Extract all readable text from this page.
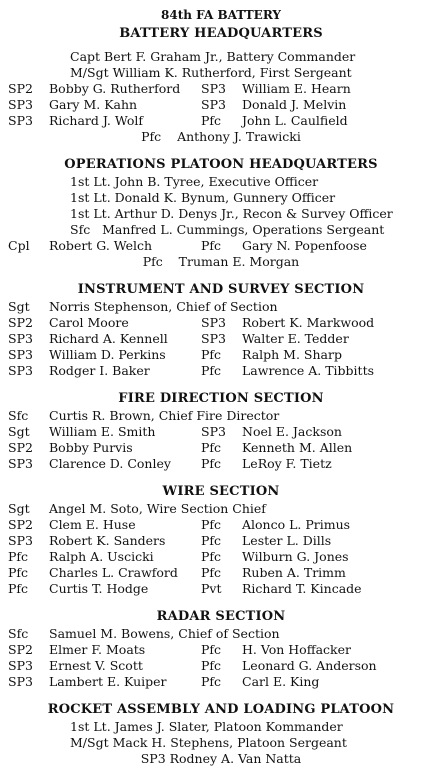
84th FA BATTERY
BATTERY HEADQUARTERS
Capt Bert F. Graham Jr., Battery Commander
M/Sgt William K. Rutherford, First Sergeant
SP2	Bobby G. Rutherford	SP3	William E. Hearn
SP3	Gary M. Kahn	SP3	Donald J. Melvin
SP3	Richard J. Wolf	Pfc	John L. Caulfield
Pfc    Anthony J. Trawicki
OPERATIONS PLATOON HEADQUARTERS
1st Lt. John B. Tyree, Executive Officer
1st Lt. Donald K. Bynum, Gunnery Officer
1st Lt. Arthur D. Denys Jr., Recon & Survey Officer
Sfc   Manfred L. Cummings, Operations Sergeant
Cpl	Robert G. Welch	Pfc	Gary N. Popenfoose
Pfc    Truman E. Morgan
INSTRUMENT AND SURVEY SECTION
Sgt	Norris Stephenson, Chief of Section
SP2	Carol Moore	SP3	Robert K. Markwood
SP3	Richard A. Kennell	SP3	Walter E. Tedder
SP3	William D. Perkins	Pfc	Ralph M. Sharp
SP3	Rodger I. Baker	Pfc	Lawrence A. Tibbitts
FIRE DIRECTION SECTION
Sfc	Curtis R. Brown, Chief Fire Director
Sgt	William E. Smith	SP3	Noel E. Jackson
SP2	Bobby Purvis	Pfc	Kenneth M. Allen
SP3	Clarence D. Conley	Pfc	LeRoy F. Tietz
WIRE SECTION
Sgt	Angel M. Soto, Wire Section Chief
SP2	Clem E. Huse	Pfc	Alonco L. Primus
SP3	Robert K. Sanders	Pfc	Lester L. Dills
Pfc	Ralph A. Uscicki	Pfc	Wilburn G. Jones
Pfc	Charles L. Crawford	Pfc	Ruben A. Trimm
Pfc	Curtis T. Hodge	Pvt	Richard T. Kincade
RADAR SECTION
Sfc	Samuel M. Bowens, Chief of Section
SP2	Elmer F. Moats	Pfc	H. Von Hoffacker
SP3	Ernest V. Scott	Pfc	Leonard G. Anderson
SP3	Lambert E. Kuiper	Pfc	Carl E. King
ROCKET ASSEMBLY AND LOADING PLATOON
1st Lt. James J. Slater, Platoon Kommander
M/Sgt Mack H. Stephens, Platoon Sergeant
SP3 Rodney A. Van Natta
